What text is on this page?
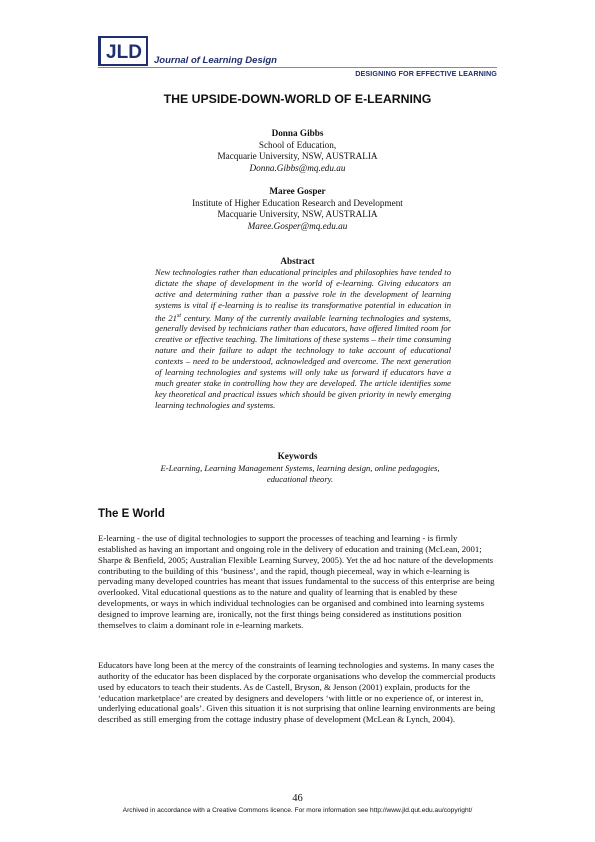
JLD Journal of Learning Design
DESIGNING FOR EFFECTIVE LEARNING
THE UPSIDE-DOWN-WORLD OF E-LEARNING
Donna Gibbs
School of Education,
Macquarie University, NSW, AUSTRALIA
Donna.Gibbs@mq.edu.au
Maree Gosper
Institute of Higher Education Research and Development
Macquarie University, NSW, AUSTRALIA
Maree.Gosper@mq.edu.au
Abstract

New technologies rather than educational principles and philosophies have tended to dictate the shape of development in the world of e-learning. Giving educators an active and determining rather than a passive role in the development of learning systems is vital if e-learning is to realise its transformative potential in education in the 21st century. Many of the currently available learning technologies and systems, generally devised by technicians rather than educators, have offered limited room for creative or effective teaching. The limitations of these systems – their time consuming nature and their failure to adapt the technology to take account of educational contexts – need to be understood, acknowledged and overcome. The next generation of learning technologies and systems will only take us forward if educators have a much greater stake in controlling how they are developed. The article identifies some key theoretical and practical issues which should be given priority in newly emerging learning technologies and systems.

Keywords

E-Learning, Learning Management Systems, learning design, online pedagogies, educational theory.

The E World

E-learning - the use of digital technologies to support the processes of teaching and learning - is firmly established as having an important and ongoing role in the delivery of education and training (McLean, 2001; Sharpe & Benfield, 2005; Australian Flexible Learning Survey, 2005). Yet the ad hoc nature of the developments contributing to the building of this ‘business’, and the rapid, though piecemeal, way in which e-learning is pervading many developed countries has meant that issues fundamental to the success of this enterprise are being overlooked. Vital educational questions as to the nature and quality of learning that is enabled by these developments, or ways in which individual technologies can be organised and combined into learning systems designed to improve learning are, ironically, not the first things being considered as institutions position themselves to claim a dominant role in e-learning markets.

Educators have long been at the mercy of the constraints of learning technologies and systems. In many cases the authority of the educator has been displaced by the corporate organisations who develop the commercial products used by educators to teach their students. As de Castell, Bryson, & Jenson (2001) explain, products for the ‘education marketplace’ are created by designers and developers ‘with little or no experience of, or interest in, underlying educational goals’. Given this situation it is not surprising that online learning environments are being described as still emerging from the cottage industry phase of development (McLean & Lynch, 2004).

46
Archived in accordance with a Creative Commons licence. For more information see http://www.jld.qut.edu.au/copyright/
